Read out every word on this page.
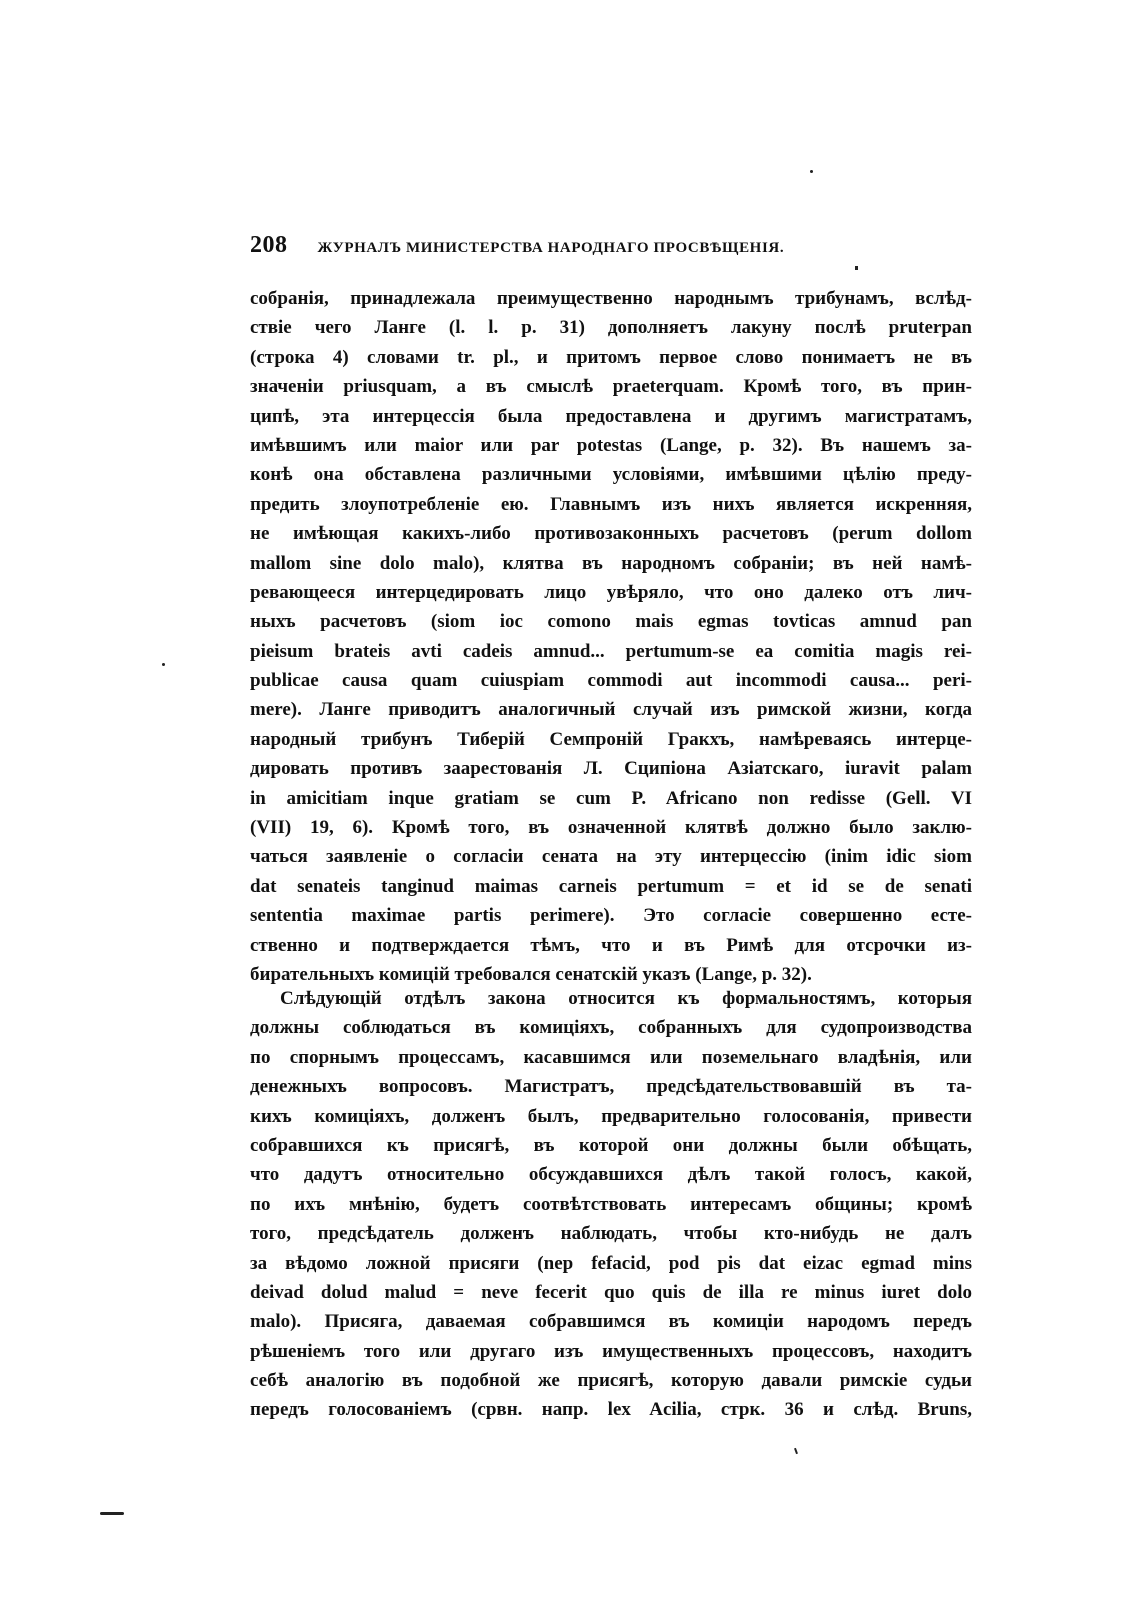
208 ЖУРНАЛЪ МИНИСТЕРСТВА НАРОДНАГО ПРОСВѢЩЕНІЯ.
собранія, принадлежала преимущественно народнымъ трибунамъ, вслѣд-
ствіе чего Ланге (l. l. p. 31) дополняетъ лакуну послѣ pruterpan
(строка 4) словами tr. pl., и притомъ первое слово понимаетъ не въ
значеніи priusquam, а въ смыслѣ praeterquam. Кромѣ того, въ прин-
ципѣ, эта интерцессія была предоставлена и другимъ магистратамъ,
имѣвшимъ или maior или par potestas (Lange, p. 32). Въ нашемъ за-
конѣ она обставлена различными условіями, имѣвшими цѣлію преду-
предить злоупотребленіе ею. Главнымъ изъ нихъ является искренняя,
не имѣющая какихъ-либо противозаконныхъ расчетовъ (perum dollom
mallom sine dolo malo), клятва въ народномъ собраніи; въ ней намѣ-
ревающееся интерцедировать лицо увѣряло, что оно далеко отъ лич-
ныхъ расчетовъ (siom ioc comono mais egmas tovticas amnud pan
pieisum brateis avti cadeis amnud... pertumum-se ea comitia magis rei-
publicae causa quam cuiuspiam commodi aut incommodi causa... peri-
mere). Ланге приводитъ аналогичный случай изъ римской жизни, когда
народный трибунъ Тиберій Семпроній Гракхъ, намѣреваясь интерце-
дировать противъ заарестованія Л. Сципіона Азіатскаго, iuravit palam
in amicitiam inque gratiam se cum P. Africano non redisse (Gell. VI
(VII) 19, 6). Кромѣ того, въ означенной клятвѣ должно было заклю-
чаться заявленіе о согласіи сената на эту интерцессію (inim idic siom
dat senateis tanginud maimas carneis pertumum = et id se de senati
sententia maximae partis perimere). Это согласіе совершенно есте-
ственно и подтверждается тѣмъ, что и въ Римѣ для отсрочки из-
бирательныхъ комицій требовался сенатскій указъ (Lange, p. 32).
Слѣдующій отдѣлъ закона относится къ формальностямъ, которыя
должны соблюдаться въ комиціяхъ, собранныхъ для судопроизводства
по спорнымъ процессамъ, касавшимся или поземельнаго владѣнія, или
денежныхъ вопросовъ. Магистратъ, предсѣдательствовавшій въ та-
кихъ комиціяхъ, долженъ былъ, предварительно голосованія, привести
собравшихся къ присягѣ, въ которой они должны были обѣщать,
что дадутъ относительно обсуждавшихся дѣлъ такой голосъ, какой,
по ихъ мнѣнію, будетъ соотвѣтствовать интересамъ общины; кромѣ
того, предсѣдатель долженъ наблюдать, чтобы кто-нибудь не далъ
за вѣдомо ложной присяги (nep fefacid, pod pis dat eizac egmad mins
deivad dolud malud = neve fecerit quo quis de illa re minus iuret dolo
malo). Присяга, даваемая собравшимся въ комиціи народомъ передъ
рѣшеніемъ того или другаго изъ имущественныхъ процессовъ, находитъ
себѣ аналогію въ подобной же присягѣ, которую давали римскіе судьи
передъ голосованіемъ (срвн. напр. lex Acilia, стрк. 36 и слѣд. Bruns,
